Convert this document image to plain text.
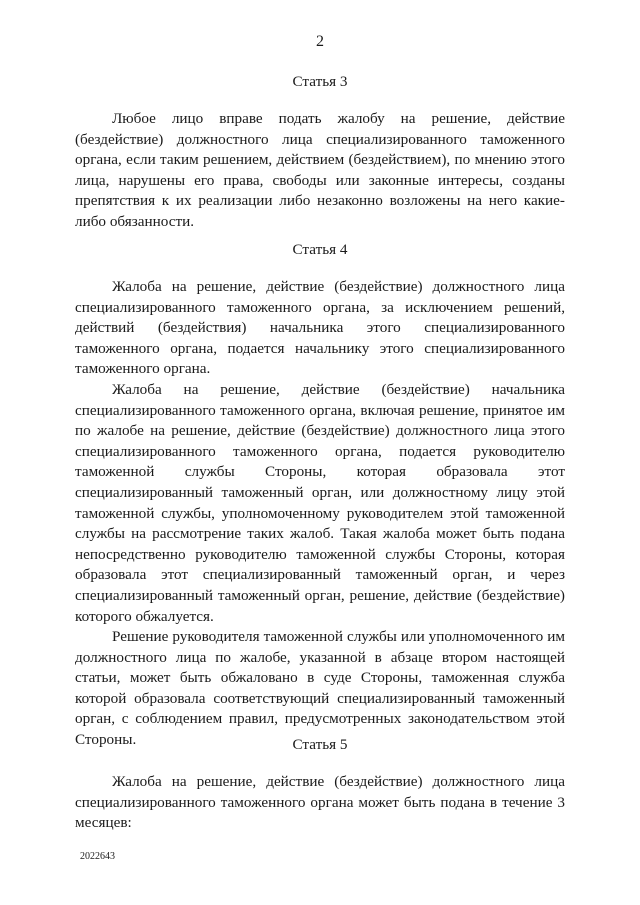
2
Статья 3

Любое лицо вправе подать жалобу на решение, действие (бездействие) должностного лица специализированного таможенного органа, если таким решением, действием (бездействием), по мнению этого лица, нарушены его права, свободы или законные интересы, созданы препятствия к их реализации либо незаконно возложены на него какие-либо обязанности.

Статья 4

Жалоба на решение, действие (бездействие) должностного лица специализированного таможенного органа, за исключением решений, действий (бездействия) начальника этого специализированного таможенного органа, подается начальнику этого специализированного таможенного органа.

Жалоба на решение, действие (бездействие) начальника специализированного таможенного органа, включая решение, принятое им по жалобе на решение, действие (бездействие) должностного лица этого специализированного таможенного органа, подается руководителю таможенной службы Стороны, которая образовала этот специализированный таможенный орган, или должностному лицу этой таможенной службы, уполномоченному руководителем этой таможенной службы на рассмотрение таких жалоб. Такая жалоба может быть подана непосредственно руководителю таможенной службы Стороны, которая образовала этот специализированный таможенный орган, и через специализированный таможенный орган, решение, действие (бездействие) которого обжалуется.

Решение руководителя таможенной службы или уполномоченного им должностного лица по жалобе, указанной в абзаце втором настоящей статьи, может быть обжаловано в суде Стороны, таможенная служба которой образовала соответствующий специализированный таможенный орган, с соблюдением правил, предусмотренных законодательством этой Стороны.	Статья 5

Жалоба на решение, действие (бездействие) должностного лица специализированного таможенного органа может быть подана в течение 3 месяцев:

2022643
